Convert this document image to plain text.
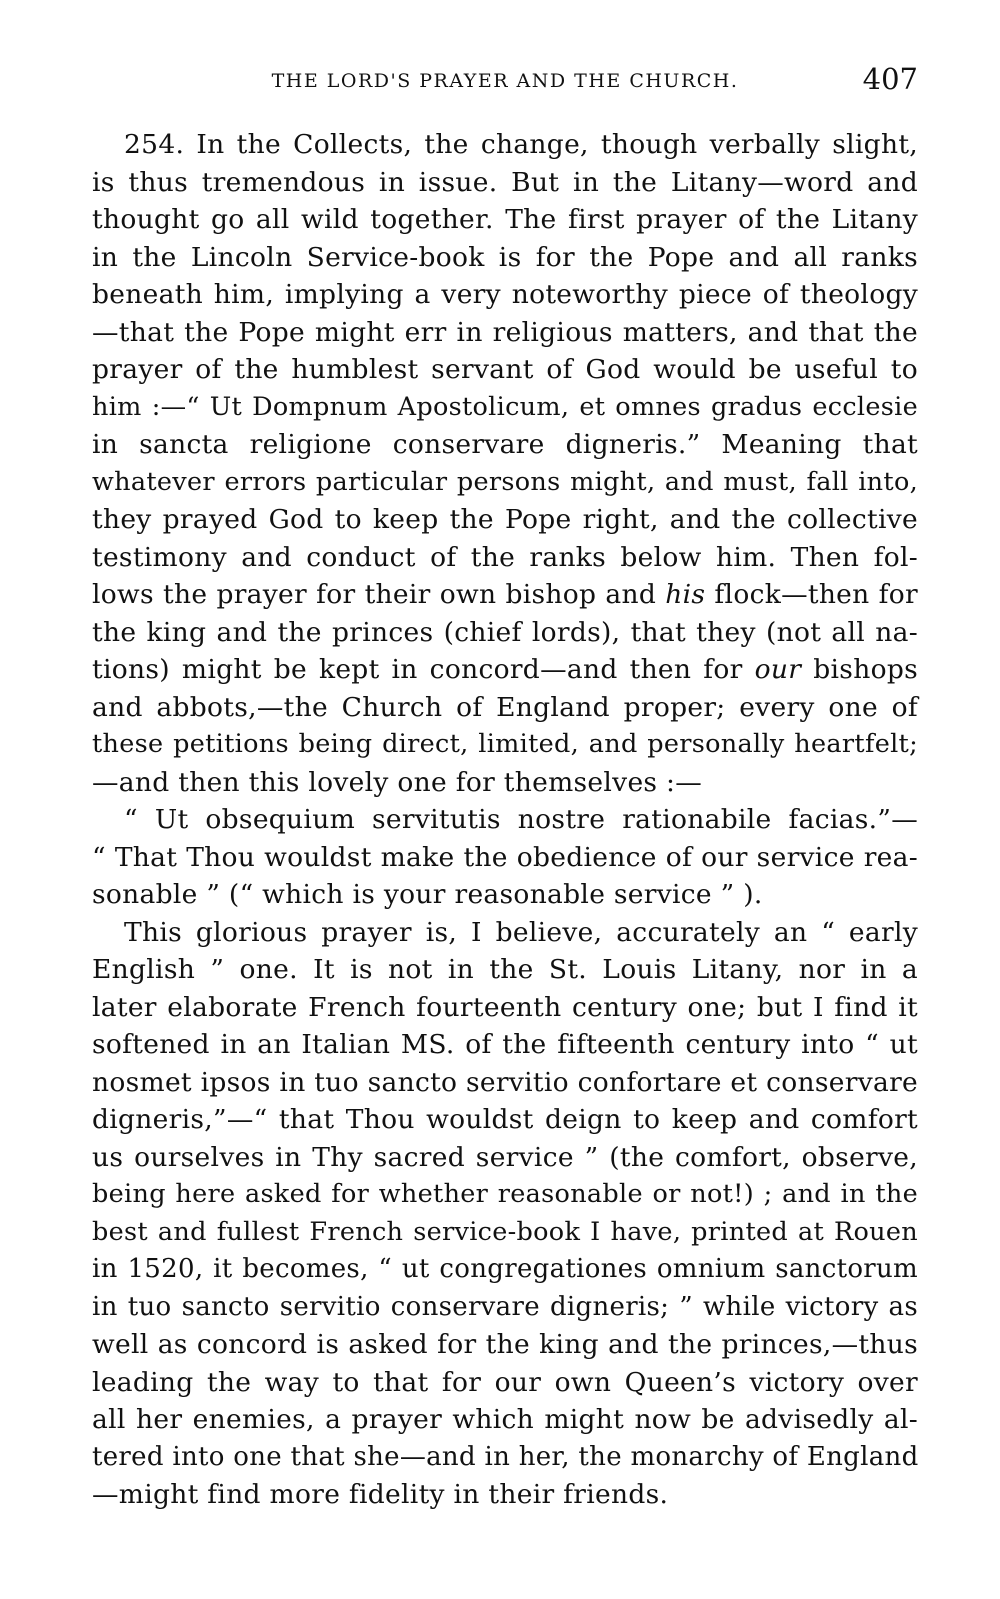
THE LORD'S PRAYER AND THE CHURCH.	407
254. In the Collects, the change, though verbally slight,
is thus tremendous in issue. But in the Litany—word and
thought go all wild together. The first prayer of the Litany
in the Lincoln Service-book is for the Pope and all ranks
beneath him, implying a very noteworthy piece of theology
—that the Pope might err in religious matters, and that the
prayer of the humblest servant of God would be useful to
him :—“ Ut Dompnum Apostolicum, et omnes gradus ecclesie
in sancta religione conservare digneris.” Meaning that
whatever errors particular persons might, and must, fall into,
they prayed God to keep the Pope right, and the collective
testimony and conduct of the ranks below him. Then fol-
lows the prayer for their own bishop and his flock—then for
the king and the princes (chief lords), that they (not all na-
tions) might be kept in concord—and then for our bishops
and abbots,—the Church of England proper; every one of
these petitions being direct, limited, and personally heartfelt;
—and then this lovely one for themselves :—
“ Ut obsequium servitutis nostre rationabile facias.”—
“ That Thou wouldst make the obedience of our service rea-
sonable ” (“ which is your reasonable service ” ).
This glorious prayer is, I believe, accurately an “ early
English ” one. It is not in the St. Louis Litany, nor in a
later elaborate French fourteenth century one; but I find it
softened in an Italian MS. of the fifteenth century into “ ut
nosmet ipsos in tuo sancto servitio confortare et conservare
digneris,”—“ that Thou wouldst deign to keep and comfort
us ourselves in Thy sacred service ” (the comfort, observe,
being here asked for whether reasonable or not!) ; and in the
best and fullest French service-book I have, printed at Rouen
in 1520, it becomes, “ ut congregationes omnium sanctorum
in tuo sancto servitio conservare digneris; ” while victory as
well as concord is asked for the king and the princes,—thus
leading the way to that for our own Queen’s victory over
all her enemies, a prayer which might now be advisedly al-
tered into one that she—and in her, the monarchy of England
—might find more fidelity in their friends.
